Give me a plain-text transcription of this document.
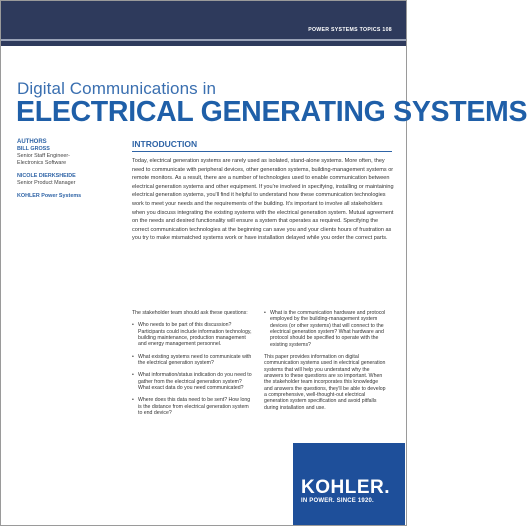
POWER SYSTEMS TOPICS 108
Digital Communications in
ELECTRICAL GENERATING SYSTEMS
AUTHORS
BILL GROSS
Senior Staff Engineer-
Electronics Software
NICOLE DIERKSHEIDE
Senior Product Manager
KOHLER Power Systems
INTRODUCTION

Today, electrical generation systems are rarely used as isolated, stand-alone systems. More often, they need to communicate with peripheral devices, other generation systems, building-management systems or remote monitors. As a result, there are a number of technologies used to enable communication between electrical generation systems and other equipment. If you're involved in specifying, installing or maintaining electrical generation systems, you'll find it helpful to understand how these communication technologies work to meet your needs and the requirements of the building. It's important to involve all stakeholders when you discuss integrating the existing systems with the electrical generation system. Mutual agreement on the needs and desired functionality will ensure a system that operates as required. Specifying the correct communication technologies at the beginning can save you and your clients hours of frustration as you try to make mismatched systems work or have installation delayed while you order the correct parts.

The stakeholder team should ask these questions:

• Who needs to be part of this discussion? Participants could include information technology, building maintenance, production management and energy management personnel.
• What existing systems need to communicate with the electrical generation system?
• What information/status indication do you need to gather from the electrical generation system? What exact data do you need communicated?
• Where does this data need to be sent? How long is the distance from electrical generation system to end device?
• What is the communication hardware and protocol employed by the building-management system devices (or other systems) that will connect to the electrical generation system? What hardware and protocol should be specified to operate with the existing systems?

This paper provides information on digital communication systems used in electrical generation systems that will help you understand why the answers to these questions are so important. When the stakeholder team incorporates this knowledge and answers the questions, they'll be able to develop a comprehensive, well-thought-out electrical generation system specification and avoid pitfalls during installation and use.

KOHLER.
IN POWER. SINCE 1920.
